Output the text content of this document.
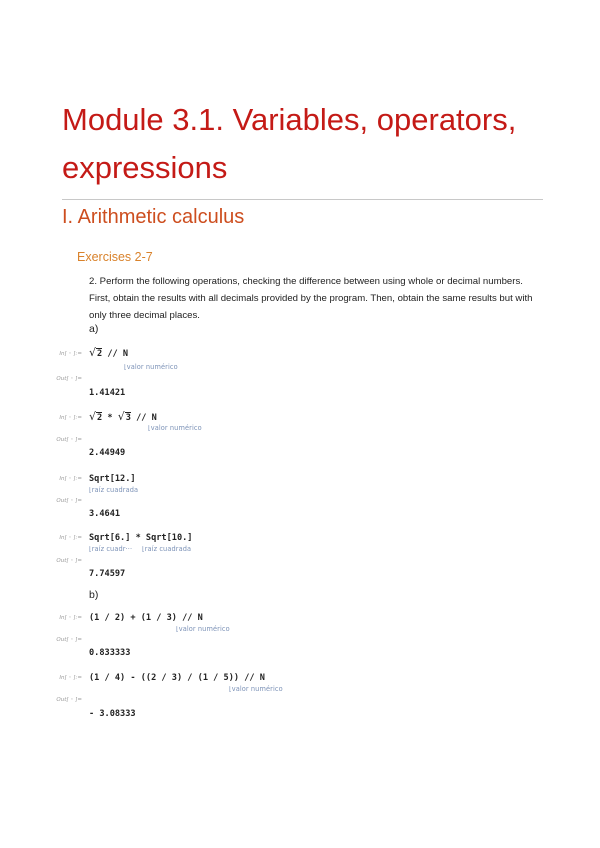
Module 3.1. Variables, operators,
expressions
I. Arithmetic calculus
Exercises 2-7
2. Perform the following operations, checking the difference between using whole or decimal numbers. First, obtain the results with all decimals provided by the program. Then, obtain the same results but with only three decimal places.
a)
In[ ◦ ]:= √2 // N
⌊valor numérico
Out[ ◦ ]=
1.41421
In[ ◦ ]:= √2 * √3 // N
⌊valor numérico
Out[ ◦ ]=
2.44949
In[ ◦ ]:= Sqrt[12.]
⌊raíz cuadrada
Out[ ◦ ]=
3.4641
In[ ◦ ]:= Sqrt[6.] * Sqrt[10.]
⌊raíz cuadr··· ⌊raíz cuadrada
Out[ ◦ ]=
7.74597
b)
In[ ◦ ]:= (1 / 2) + (1 / 3) // N
⌊valor numérico
Out[ ◦ ]=
0.833333
In[ ◦ ]:= (1 / 4) - ((2 / 3) / (1 / 5)) // N
⌊valor numérico
Out[ ◦ ]=
- 3.08333
